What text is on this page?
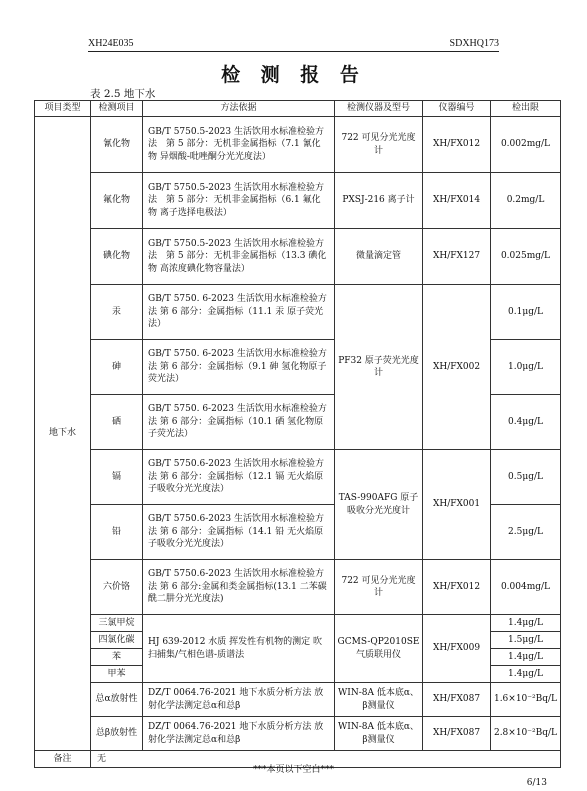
XH24E035	SDXHQ173
检 测 报 告
表 2.5 地下水
项目类型	检测项目	方法依据	检测仪器及型号	仪器编号	检出限
地下水	氰化物	GB/T 5750.5-2023 生活饮用水标准检验方法　第 5 部分：无机非金属指标（7.1 氰化物 异烟酸-吡唑酮分光光度法）	722 可见分光光度计	XH/FX012	0.002mg/L
	氟化物	GB/T 5750.5-2023 生活饮用水标准检验方法　第 5 部分：无机非金属指标（6.1 氟化物 离子选择电极法）	PXSJ-216 离子计	XH/FX014	0.2mg/L
	碘化物	GB/T 5750.5-2023 生活饮用水标准检验方法　第 5 部分：无机非金属指标（13.3 碘化物 高浓度碘化物容量法）	微量滴定管	XH/FX127	0.025mg/L
	汞	GB/T 5750. 6-2023 生活饮用水标准检验方法 第 6 部分：金属指标（11.1 汞 原子荧光法）	PF32 原子荧光光度计	XH/FX002	0.1μg/L
	砷	GB/T 5750. 6-2023 生活饮用水标准检验方法 第 6 部分：金属指标（9.1 砷 氢化物原子荧光法）			1.0μg/L
	硒	GB/T 5750. 6-2023 生活饮用水标准检验方法 第 6 部分：金属指标（10.1 硒 氢化物原子荧光法）			0.4μg/L
	镉	GB/T 5750.6-2023 生活饮用水标准检验方法 第 6 部分：金属指标（12.1 镉 无火焰原子吸收分光光度法）	TAS-990AFG 原子吸收分光光度计	XH/FX001	0.5μg/L
	铅	GB/T 5750.6-2023 生活饮用水标准检验方法 第 6 部分：金属指标（14.1 铅 无火焰原子吸收分光光度法）			2.5μg/L
	六价铬	GB/T 5750.6-2023 生活饮用水标准检验方法 第 6 部分:金属和类金属指标(13.1 二苯碳酰二肼分光光度法)	722 可见分光光度计	XH/FX012	0.004mg/L
	三氯甲烷	HJ 639-2012 水质 挥发性有机物的测定 吹扫捕集/气相色谱-质谱法	GCMS-QP2010SE 气质联用仪	XH/FX009	1.4μg/L
	四氯化碳				1.5μg/L
	苯				1.4μg/L
	甲苯				1.4μg/L
	总α放射性	DZ/T 0064.76-2021 地下水质分析方法 放射化学法测定总α和总β	WIN-8A 低本底α、β测量仪	XH/FX087	1.6×10⁻²Bq/L
	总β放射性	DZ/T 0064.76-2021 地下水质分析方法 放射化学法测定总α和总β	WIN-8A 低本底α、β测量仪	XH/FX087	2.8×10⁻²Bq/L
备注	无				
***本页以下空白***
6/13
